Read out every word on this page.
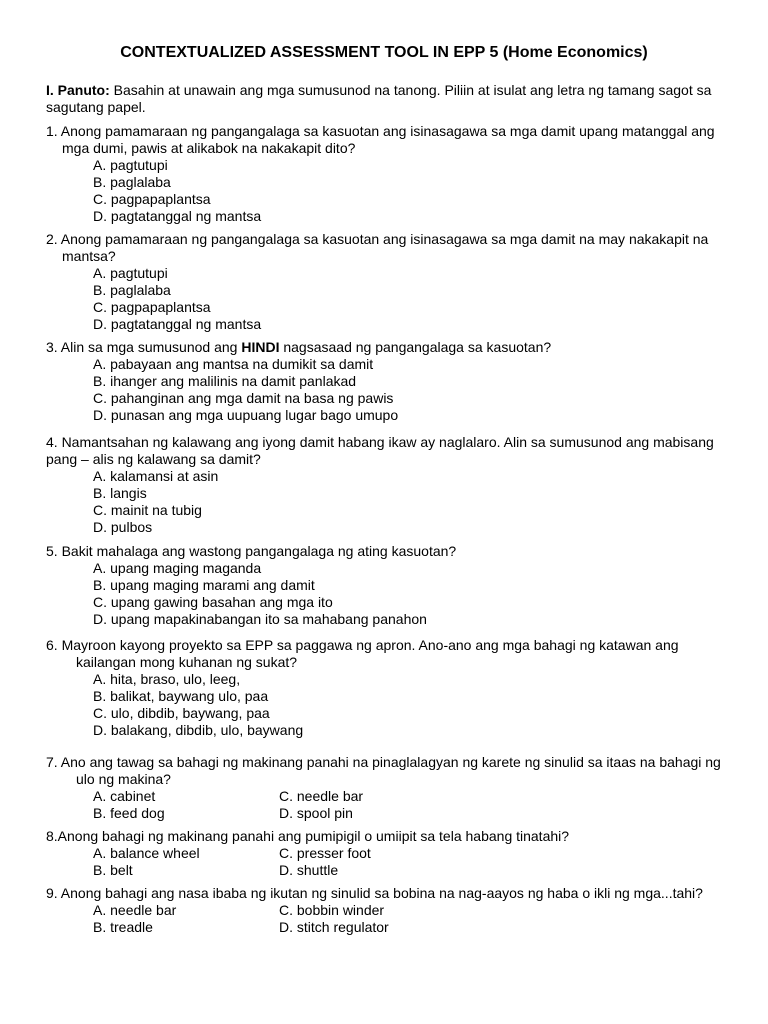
CONTEXTUALIZED ASSESSMENT TOOL IN EPP 5 (Home Economics)
I. Panuto: Basahin at unawain ang mga sumusunod na tanong. Piliin at isulat ang letra ng tamang sagot sa sagutang papel.
1. Anong pamamaraan ng pangangalaga sa kasuotan ang isinasagawa sa mga damit upang matanggal ang mga dumi, pawis at alikabok na nakakapit dito?
A. pagtutupi
B. paglalaba
C. pagpapaplantsa
D. pagtatanggal ng mantsa
2. Anong pamamaraan ng pangangalaga sa kasuotan ang isinasagawa sa mga damit na may nakakapit na mantsa?
A. pagtutupi
B. paglalaba
C. pagpapaplantsa
D. pagtatanggal ng mantsa
3. Alin sa mga sumusunod ang HINDI nagsasaad ng pangangalaga sa kasuotan?
A. pabayaan ang mantsa na dumikit sa damit
B. ihanger ang malilinis na damit panlakad
C. pahanginan ang mga damit na basa ng pawis
D. punasan ang mga uupuang lugar bago umupo
4. Namantsahan ng kalawang ang iyong damit habang ikaw ay naglalaro. Alin sa sumusunod ang mabisang pang – alis ng kalawang sa damit?
A. kalamansi at asin
B. langis
C. mainit na tubig
D. pulbos
5. Bakit mahalaga ang wastong pangangalaga ng ating kasuotan?
A. upang maging maganda
B. upang maging marami ang damit
C. upang gawing basahan ang mga ito
D. upang mapakinabangan ito sa mahabang panahon
6. Mayroon kayong proyekto sa EPP sa paggawa ng apron. Ano-ano ang mga bahagi ng katawan ang kailangan mong kuhanan ng sukat?
A. hita, braso, ulo, leeg,
B. balikat, baywang ulo, paa
C. ulo, dibdib, baywang, paa
D. balakang, dibdib, ulo, baywang
7. Ano ang tawag sa bahagi ng makinang panahi na pinaglalagyan ng karete ng sinulid sa itaas na bahagi ng ulo ng makina?
A. cabinet	C. needle bar
B. feed dog	D. spool pin
8.Anong bahagi ng makinang panahi ang pumipigil o umiipit sa tela habang tinatahi?
A. balance wheel	C. presser foot
B. belt	D. shuttle
9. Anong bahagi ang nasa ibaba ng ikutan ng sinulid sa bobina na nag-aayos ng haba o ikli ng mga...tahi?
A. needle bar	C. bobbin winder
B. treadle	D. stitch regulator
